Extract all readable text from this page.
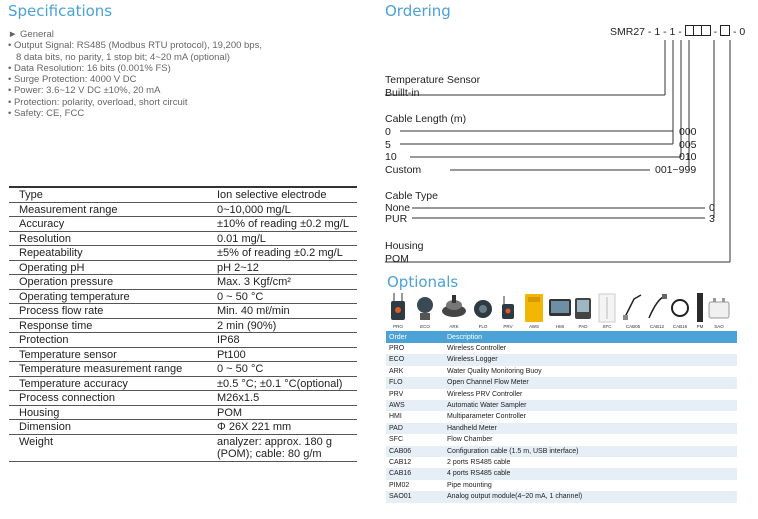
Specifications
► General
• Output Signal: RS485 (Modbus RTU protocol), 19,200 bps,
8 data bits, no parity, 1 stop bit; 4~20 mA (optional)
• Data Resolution: 16 bits (0.001% FS)
• Surge Protection: 4000 V DC
• Power: 3.6~12 V DC ±10%, 20 mA
• Protection: polarity, overload, short circuit
• Safety: CE, FCC
Type	Ion selective electrode
Measurement range	0~10,000 mg/L
Accuracy	±10% of reading ±0.2 mg/L
Resolution	0.01 mg/L
Repeatability	±5% of reading ±0.2 mg/L
Operating pH	pH 2~12
Operation pressure	Max. 3 Kgf/cm²
Operating temperature	0 ~ 50 °C
Process flow rate	Min. 40 mℓ/min
Response time	2 min (90%)
Protection	IP68
Temperature sensor	Pt100
Temperature measurement range	0 ~ 50 °C
Temperature accuracy	±0.5 °C; ±0.1 °C(optional)
Process connection	M26x1.5
Housing	POM
Dimension	Φ 26X 221 mm
Weight	analyzer: approx. 180 g (POM); cable: 80 g/m
Ordering
SMR27 - 1 - 1 -	- - 0
Temperature Sensor
Buillt-in
Cable Length (m)
0	000
5	005
10	010
Custom	001~999
Cable Type
None	0
PUR	3
Housing
POM
Optionals
PRO	ECO	ARK	FLO	PRV	AWS	HMI	PAD	SFC	CAB06 CAB12 CAB16 PM SAO
Order	Description
PRO	Wireless Controller
ECO	Wireless Logger
ARK	Water Quality Monitoring Buoy
FLO	Open Channel Flow Meter
PRV	Wireless PRV Controller
AWS	Automatic Water Sampler
HMI	Multiparameter Controller
PAD	Handheld Meter
SFC	Flow Chamber
CAB06	Configuration cable (1.5 m, USB interface)
CAB12	2 ports RS485 cable
CAB16	4 ports RS485 cable
PIM02	Pipe mounting
SAO01	Analog output module(4~20 mA, 1 channel)
